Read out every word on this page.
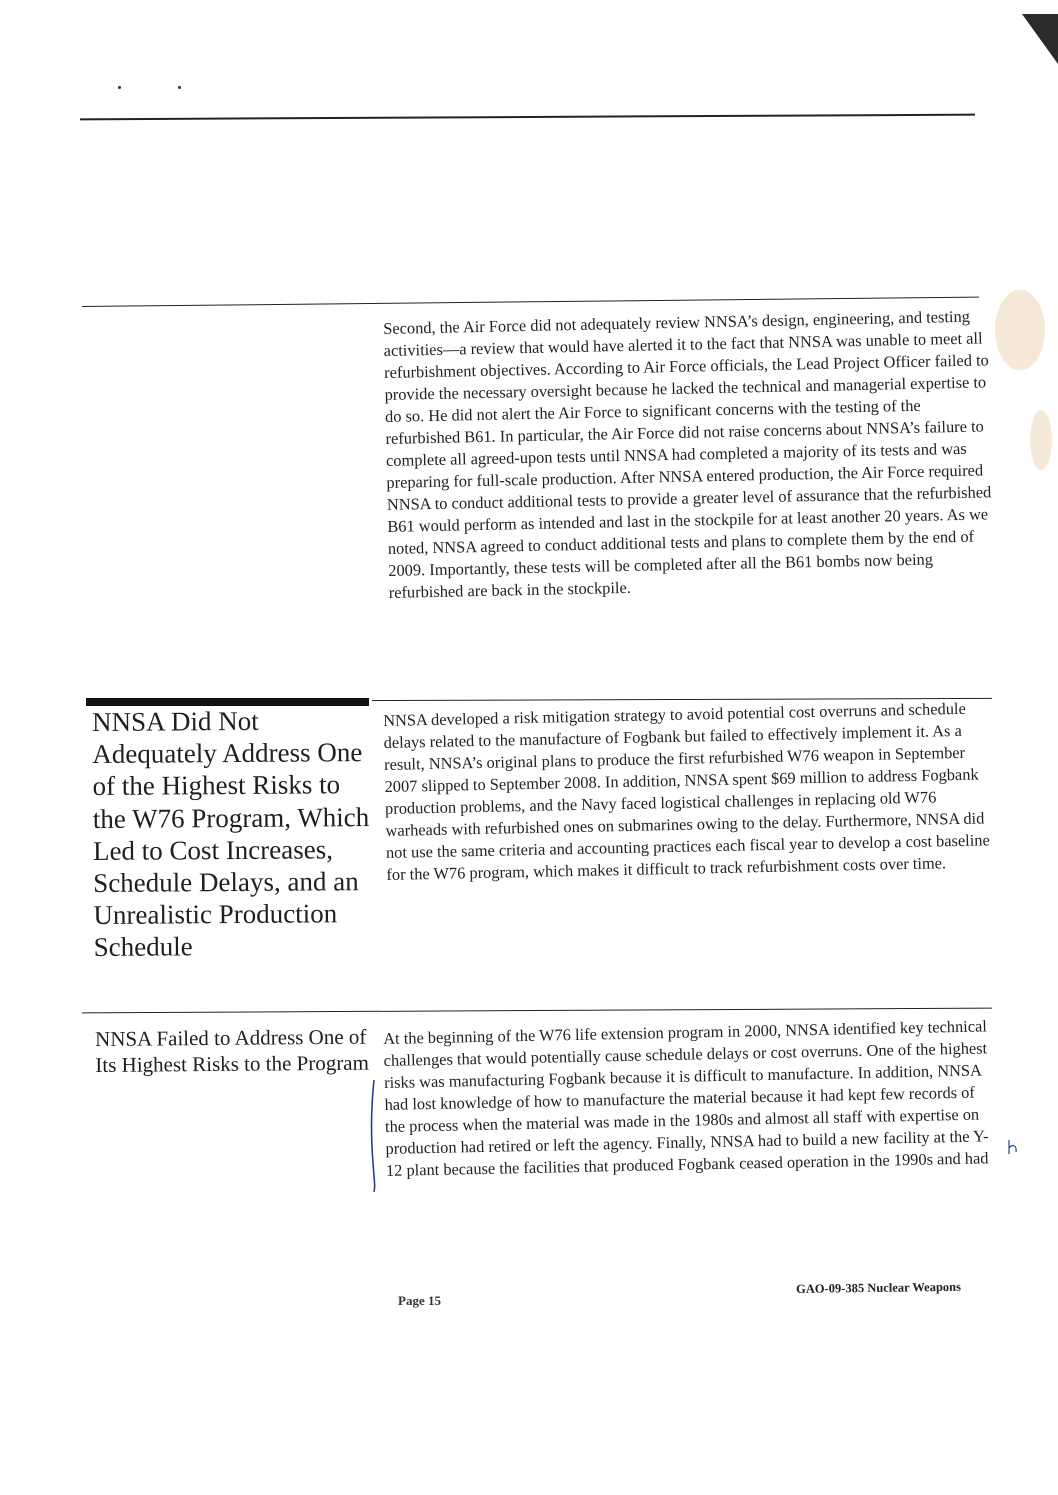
Second, the Air Force did not adequately review NNSA’s design, engineering, and testing activities—a review that would have alerted it to the fact that NNSA was unable to meet all refurbishment objectives. According to Air Force officials, the Lead Project Officer failed to provide the necessary oversight because he lacked the technical and managerial expertise to do so. He did not alert the Air Force to significant concerns with the testing of the refurbished B61. In particular, the Air Force did not raise concerns about NNSA’s failure to complete all agreed-upon tests until NNSA had completed a majority of its tests and was preparing for full-scale production. After NNSA entered production, the Air Force required NNSA to conduct additional tests to provide a greater level of assurance that the refurbished B61 would perform as intended and last in the stockpile for at least another 20 years. As we noted, NNSA agreed to conduct additional tests and plans to complete them by the end of 2009. Importantly, these tests will be completed after all the B61 bombs now being refurbished are back in the stockpile.

NNSA Did Not Adequately Address One of the Highest Risks to the W76 Program, Which Led to Cost Increases, Schedule Delays, and an Unrealistic Production Schedule

NNSA developed a risk mitigation strategy to avoid potential cost overruns and schedule delays related to the manufacture of Fogbank but failed to effectively implement it. As a result, NNSA’s original plans to produce the first refurbished W76 weapon in September 2007 slipped to September 2008. In addition, NNSA spent $69 million to address Fogbank production problems, and the Navy faced logistical challenges in replacing old W76 warheads with refurbished ones on submarines owing to the delay. Furthermore, NNSA did not use the same criteria and accounting practices each fiscal year to develop a cost baseline for the W76 program, which makes it difficult to track refurbishment costs over time.

NNSA Failed to Address One of Its Highest Risks to the Program

At the beginning of the W76 life extension program in 2000, NNSA identified key technical challenges that would potentially cause schedule delays or cost overruns. One of the highest risks was manufacturing Fogbank because it is difficult to manufacture. In addition, NNSA had lost knowledge of how to manufacture the material because it had kept few records of the process when the material was made in the 1980s and almost all staff with expertise on production had retired or left the agency. Finally, NNSA had to build a new facility at the Y-12 plant because the facilities that produced Fogbank ceased operation in the 1990s and had

Page 15
GAO-09-385 Nuclear Weapons
